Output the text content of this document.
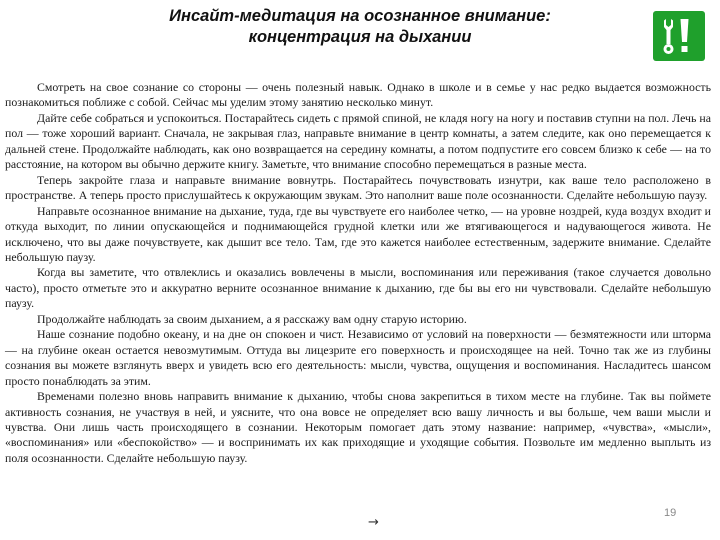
Инсайт-медитация на осознанное внимание:
концентрация на дыхании

Смотреть на свое сознание со стороны — очень полезный навык. Однако в школе и в семье у нас редко выдается возможность познакомиться поближе с собой. Сейчас мы уделим этому занятию несколько минут.

Дайте себе собраться и успокоиться. Постарайтесь сидеть с прямой спиной, не кладя ногу на ногу и поставив ступни на пол. Лечь на пол — тоже хороший вариант. Сначала, не закрывая глаз, направьте внимание в центр комнаты, а затем следите, как оно перемещается к дальней стене. Продолжайте наблюдать, как оно возвращается на середину комнаты, а потом подпустите его совсем близко к себе — на то расстояние, на котором вы обычно держите книгу. Заметьте, что внимание способно перемещаться в разные места.

Теперь закройте глаза и направьте внимание вовнутрь. Постарайтесь почувствовать изнутри, как ваше тело расположено в пространстве. А теперь просто прислушайтесь к окружающим звукам. Это наполнит ваше поле осознанности. Сделайте небольшую паузу.

Направьте осознанное внимание на дыхание, туда, где вы чувствуете его наиболее четко, — на уровне ноздрей, куда воздух входит и откуда выходит, по линии опускающейся и поднимающейся грудной клетки или же втягивающегося и надувающегося живота. Не исключено, что вы даже почувствуете, как дышит все тело. Там, где это кажется наиболее естественным, задержите внимание. Сделайте небольшую паузу.

Когда вы заметите, что отвлеклись и оказались вовлечены в мысли, воспоминания или переживания (такое случается довольно часто), просто отметьте это и аккуратно верните осознанное внимание к дыханию, где бы вы его ни чувствовали. Сделайте небольшую паузу.

Продолжайте наблюдать за своим дыханием, а я расскажу вам одну старую историю.

Наше сознание подобно океану, и на дне он спокоен и чист. Независимо от условий на поверхности — безмятежности или шторма — на глубине океан остается невозмутимым. Оттуда вы лицезрите его поверхность и происходящее на ней. Точно так же из глубины сознания вы можете взглянуть вверх и увидеть всю его деятельность: мысли, чувства, ощущения и воспоминания. Насладитесь шансом просто понаблюдать за этим.

Временами полезно вновь направить внимание к дыханию, чтобы снова закрепиться в тихом месте на глубине. Так вы поймете активность сознания, не участвуя в ней, и уясните, что она вовсе не определяет всю вашу личность и вы больше, чем ваши мысли и чувства. Они лишь часть происходящего в сознании. Некоторым помогает дать этому название: например, «чувства», «мысли», «воспоминания» или «беспокойство» — и воспринимать их как приходящие и уходящие события. Позвольте им медленно выплыть из поля осознанности. Сделайте небольшую паузу.

→
19
